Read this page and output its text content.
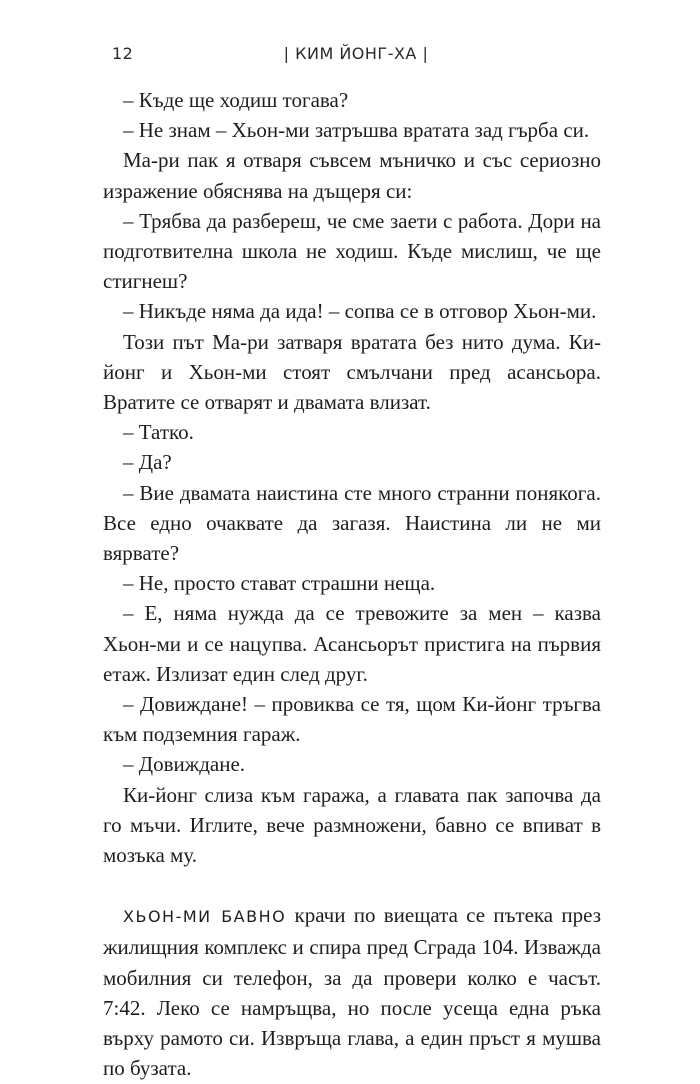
12	| КИМ ЙОНГ-ХА |

– Къде ще ходиш тогава?

– Не знам – Хьон-ми затръшва вратата зад гърба си.

Ма-ри пак я отваря съвсем мъничко и със сериозно изражение обяснява на дъщеря си:

– Трябва да разбереш, че сме заети с работа. Дори на подготвителна школа не ходиш. Къде мислиш, че ще стигнеш?

– Никъде няма да ида! – сопва се в отговор Хьон-ми.

Този път Ма-ри затваря вратата без нито дума. Ки-йонг и Хьон-ми стоят смълчани пред асансьора. Вратите се отварят и двамата влизат.

– Татко.

– Да?

– Вие двамата наистина сте много странни понякога. Все едно очаквате да загазя. Наистина ли не ми вярвате?

– Не, просто стават страшни неща.

– Е, няма нужда да се тревожите за мен – казва Хьон-ми и се нацупва. Асансьорът пристига на първия етаж. Излизат един след друг.

– Довиждане! – провиква се тя, щом Ки-йонг тръгва към подземния гараж.

– Довиждане.

Ки-йонг слиза към гаража, а главата пак започва да го мъчи. Иглите, вече размножени, бавно се впиват в мозъка му.

ХЬОН-МИ БАВНО крачи по виещата се пътека през жилищния комплекс и спира пред Сграда 104. Изважда мобилния си телефон, за да провери колко е часът. 7:42. Леко се намръщва, но после усеща една ръка върху рамото си. Извръща глава, а един пръст я мушва по бузата.
